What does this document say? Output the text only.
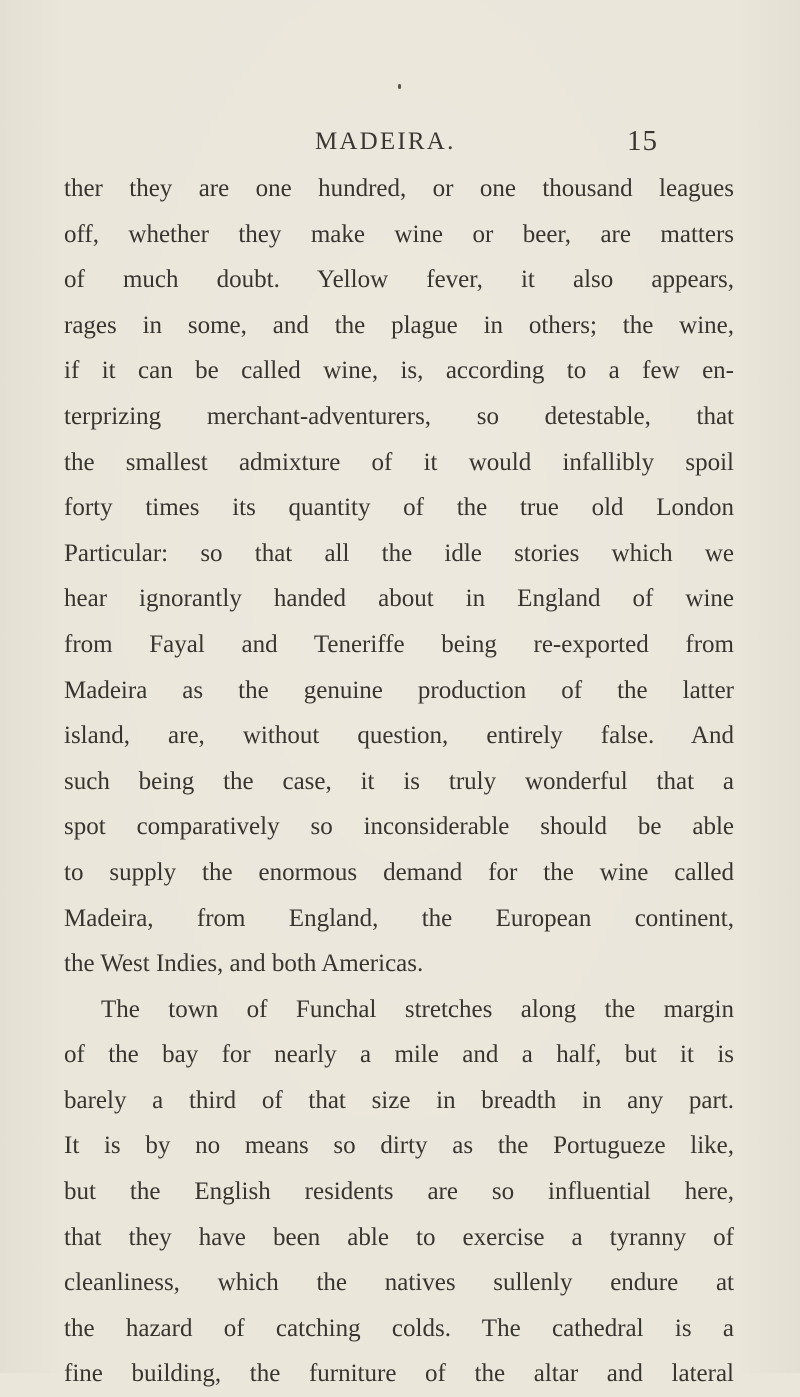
MADEIRA.	15
ther they are one hundred, or one thousand leagues
off, whether they make wine or beer, are matters
of much doubt. Yellow fever, it also appears,
rages in some, and the plague in others; the wine,
if it can be called wine, is, according to a few en-
terprizing merchant-adventurers, so detestable, that
the smallest admixture of it would infallibly spoil
forty times its quantity of the true old London
Particular: so that all the idle stories which we
hear ignorantly handed about in England of wine
from Fayal and Teneriffe being re-exported from
Madeira as the genuine production of the latter
island, are, without question, entirely false. And
such being the case, it is truly wonderful that a
spot comparatively so inconsiderable should be able
to supply the enormous demand for the wine called
Madeira, from England, the European continent,
the West Indies, and both Americas.
The town of Funchal stretches along the margin
of the bay for nearly a mile and a half, but it is
barely a third of that size in breadth in any part.
It is by no means so dirty as the Portugueze like,
but the English residents are so influential here,
that they have been able to exercise a tyranny of
cleanliness, which the natives sullenly endure at
the hazard of catching colds. The cathedral is a
fine building, the furniture of the altar and lateral
